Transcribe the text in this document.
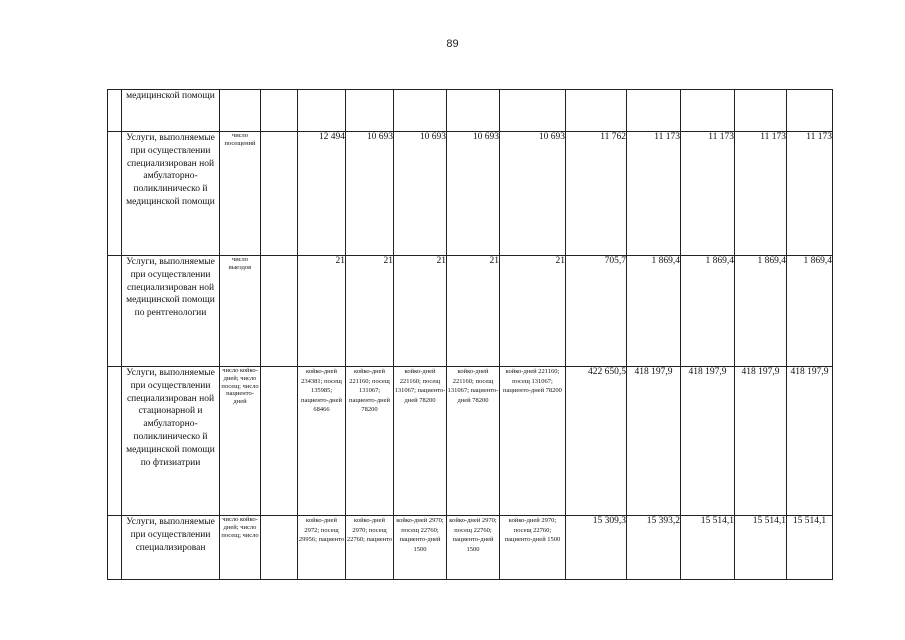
89
	медицинской помощи												
	Услуги, выполняемые при осуществлении специализирован ной амбулаторно-поликлиническо й медицинской помощи	число посещений		12 494	10 693	10 693	10 693	10 693	11 762	11 173	11 173	11 173	11 173
	Услуги, выполняемые при осуществлении специализирован ной медицинской помощи по рентгенологии	число выездов		21	21	21	21	21	705,7	1 869,4	1 869,4	1 869,4	1 869,4
	Услуги, выполняемые при осуществлении специализирован ной стационарной и амбулаторно-поликлиническо й медицинской помощи по фтизиатрии	число койко-дней; число посещ; число пациенто-дней		койко-дней 234381; посещ 135985; пациенто-дней 68466	койко-дней 221160; посещ 131067; пациенто-дней 78200	койко-дней 221160; посещ 131067; пациенто-дней 78200	койко-дней 221160; посещ 131067; пациенто-дней 78200	койко-дней 221160; посещ 131067; пациенто-дней 78200	422 650,5	418 197,9	418 197,9	418 197,9	418 197,9
	Услуги, выполняемые при осуществлении специализирован	число койко-дней; число посещ; число		койко-дней 2972; посещ 29956; пациенто	койко-дней 2970; посещ 22760; пациенто	койко-дней 2970; посещ 22760; пациенто-дней 1500	койко-дней 2970; посещ 22760; пациенто-дней 1500	койко-дней 2970; посещ 22760; пациенто-дней 1500	15 309,3	15 393,2	15 514,1	15 514,1	15 514,1
